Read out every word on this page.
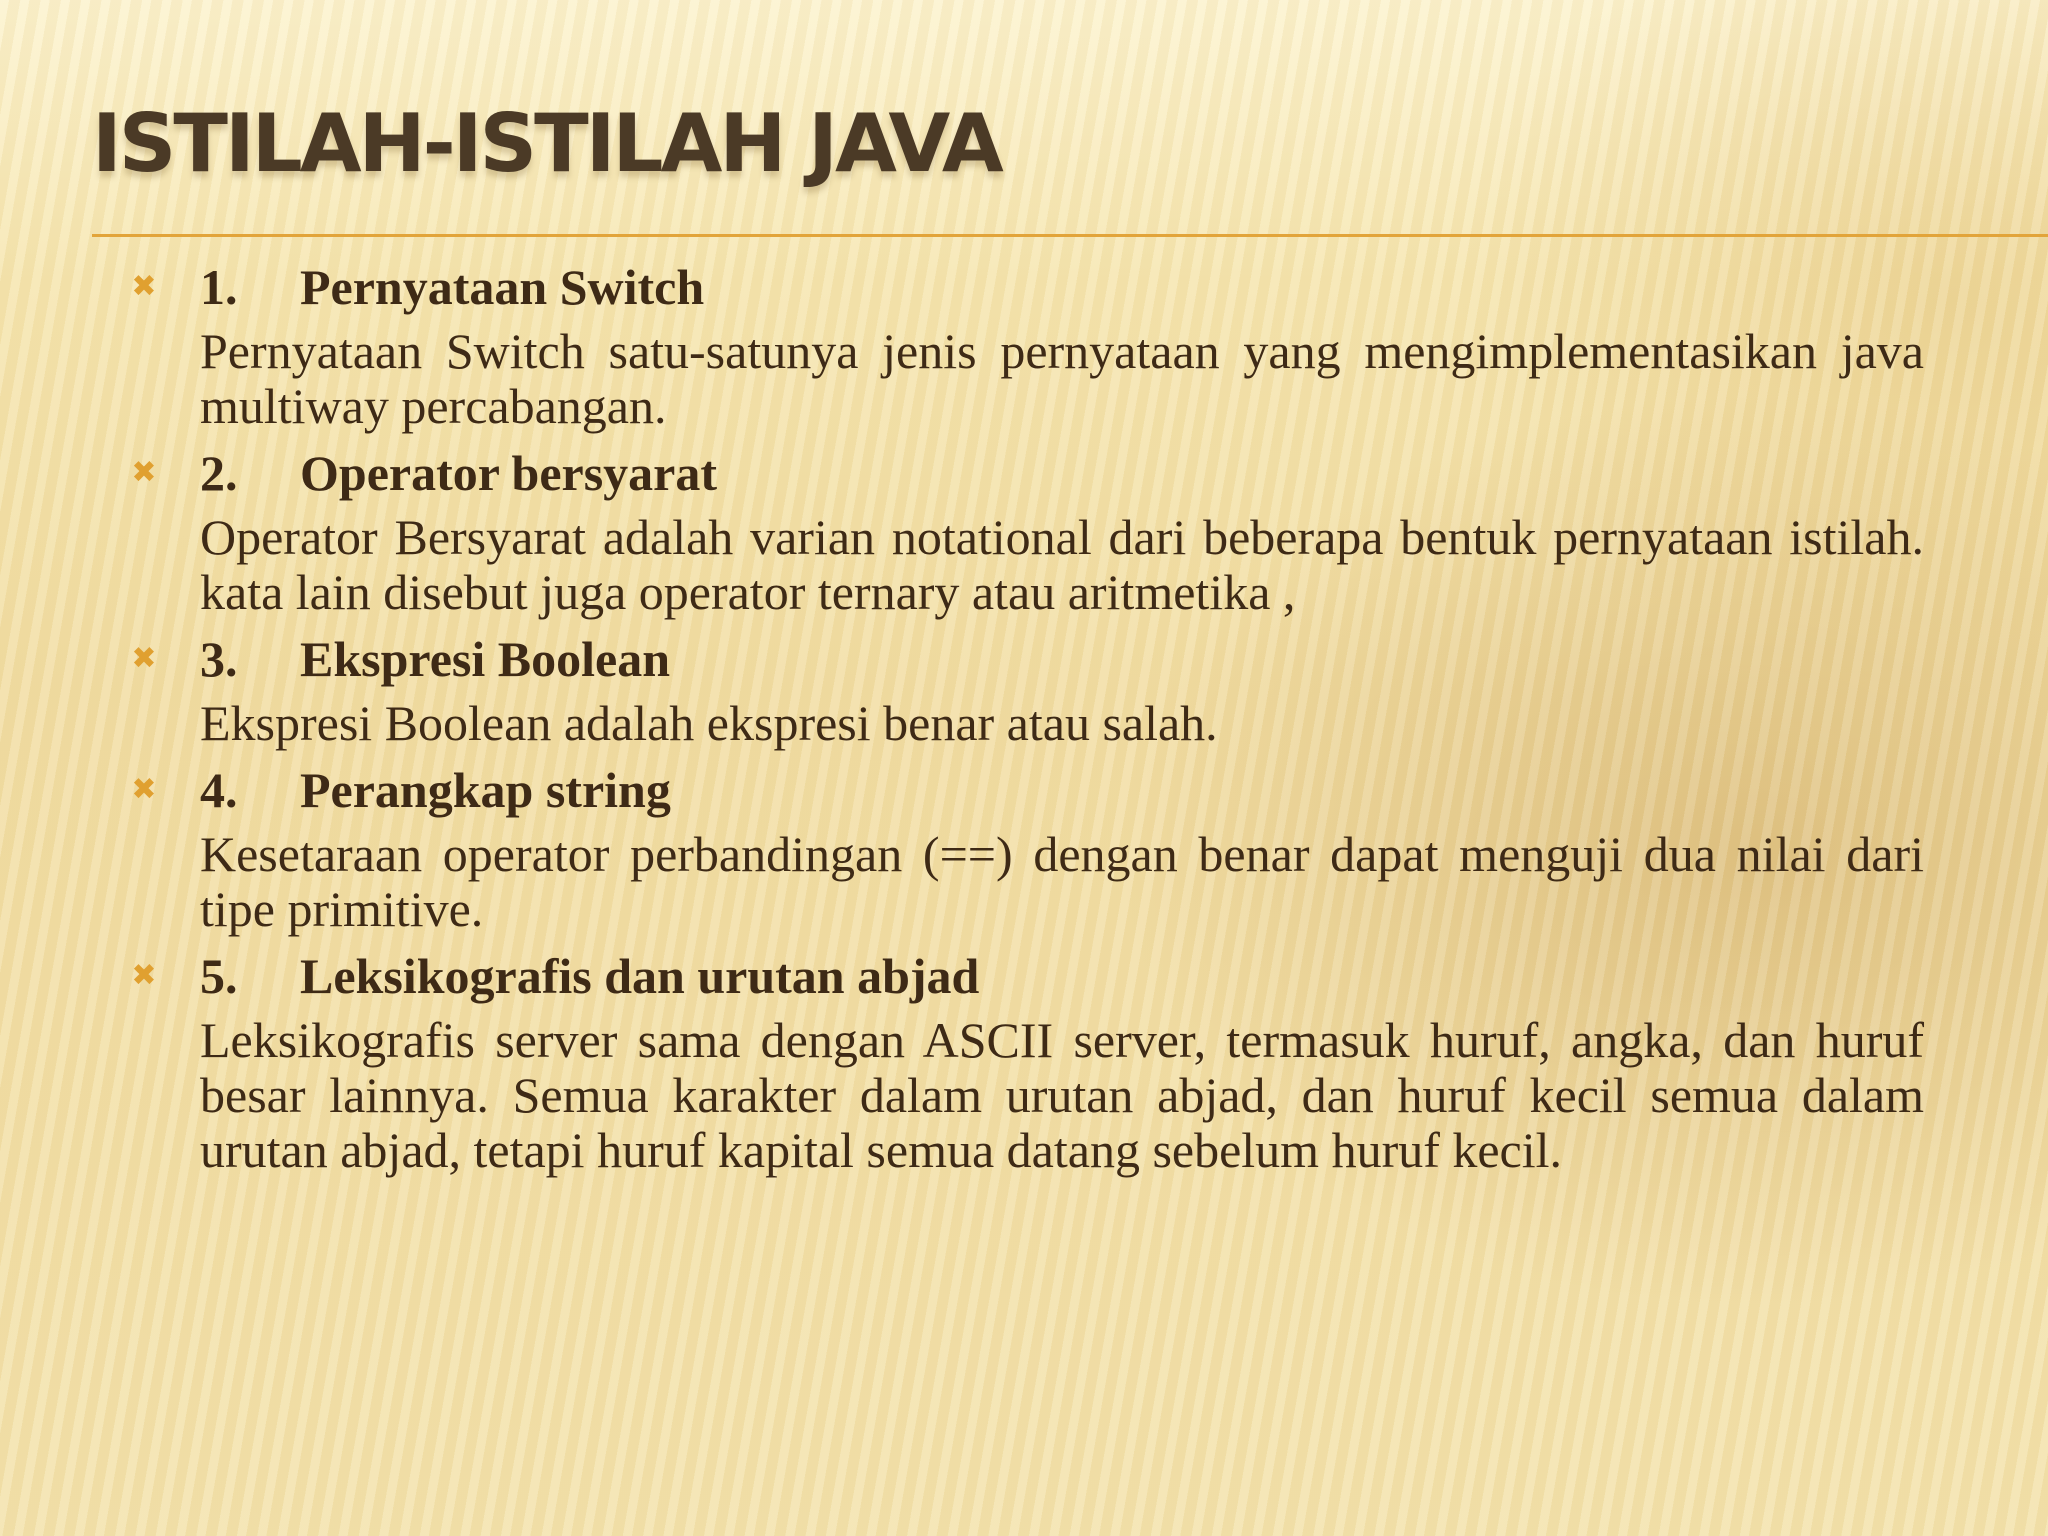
ISTILAH-ISTILAH JAVA
✖ 1. Pernyataan Switch
Pernyataan Switch satu-satunya jenis pernyataan yang mengimplementasikan java multiway percabangan.
✖ 2. Operator bersyarat
Operator Bersyarat adalah varian notational dari beberapa bentuk pernyataan istilah. kata lain disebut juga operator ternary atau aritmetika ,
✖ 3. Ekspresi Boolean
Ekspresi Boolean adalah ekspresi benar atau salah.
✖ 4. Perangkap string
Kesetaraan operator perbandingan (==) dengan benar dapat menguji dua nilai dari tipe primitive.
✖ 5. Leksikografis dan urutan abjad
Leksikografis server sama dengan ASCII server, termasuk huruf, angka, dan huruf besar lainnya. Semua karakter dalam urutan abjad, dan huruf kecil semua dalam urutan abjad, tetapi huruf kapital semua datang sebelum huruf kecil.
